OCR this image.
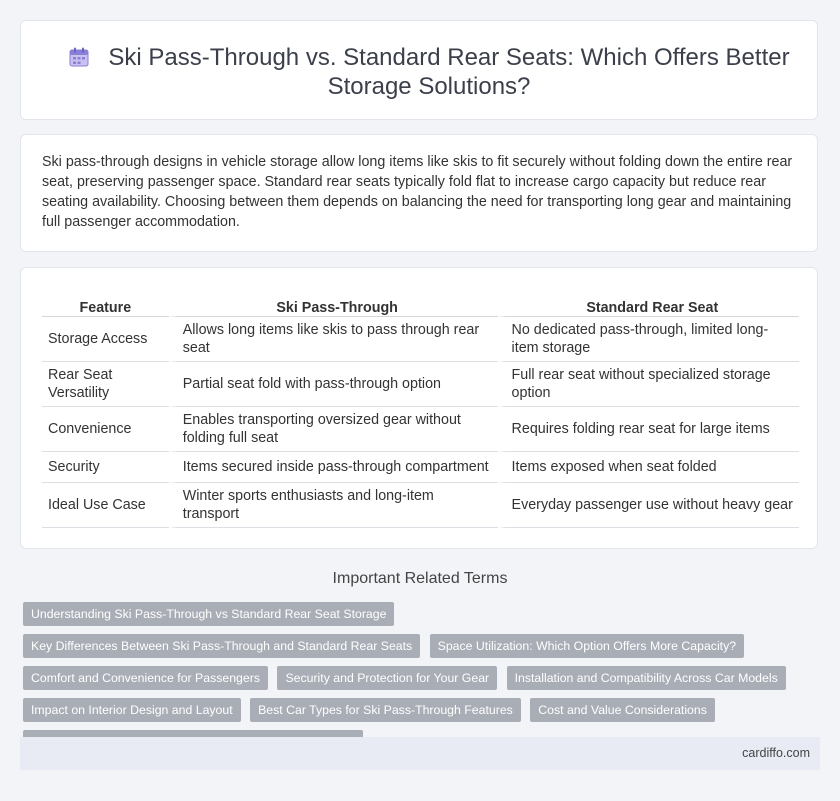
Ski Pass-Through vs. Standard Rear Seats: Which Offers Better Storage Solutions?
Ski pass-through designs in vehicle storage allow long items like skis to fit securely without folding down the entire rear seat, preserving passenger space. Standard rear seats typically fold flat to increase cargo capacity but reduce rear seating availability. Choosing between them depends on balancing the need for transporting long gear and maintaining full passenger accommodation.
Feature	Ski Pass-Through	Standard Rear Seat
Storage Access	Allows long items like skis to pass through rear seat	No dedicated pass-through, limited long-item storage
Rear Seat Versatility	Partial seat fold with pass-through option	Full rear seat without specialized storage option
Convenience	Enables transporting oversized gear without folding full seat	Requires folding rear seat for large items
Security	Items secured inside pass-through compartment	Items exposed when seat folded
Ideal Use Case	Winter sports enthusiasts and long-item transport	Everyday passenger use without heavy gear
Important Related Terms
Understanding Ski Pass-Through vs Standard Rear Seat Storage Key Differences Between Ski Pass-Through and Standard Rear Seats Space Utilization: Which Option Offers More Capacity? Comfort and Convenience for Passengers Security and Protection for Your Gear Installation and Compatibility Across Car Models Impact on Interior Design and Layout Best Car Types for Ski Pass-Through Features Cost and Value Considerations
cardiffo.com
